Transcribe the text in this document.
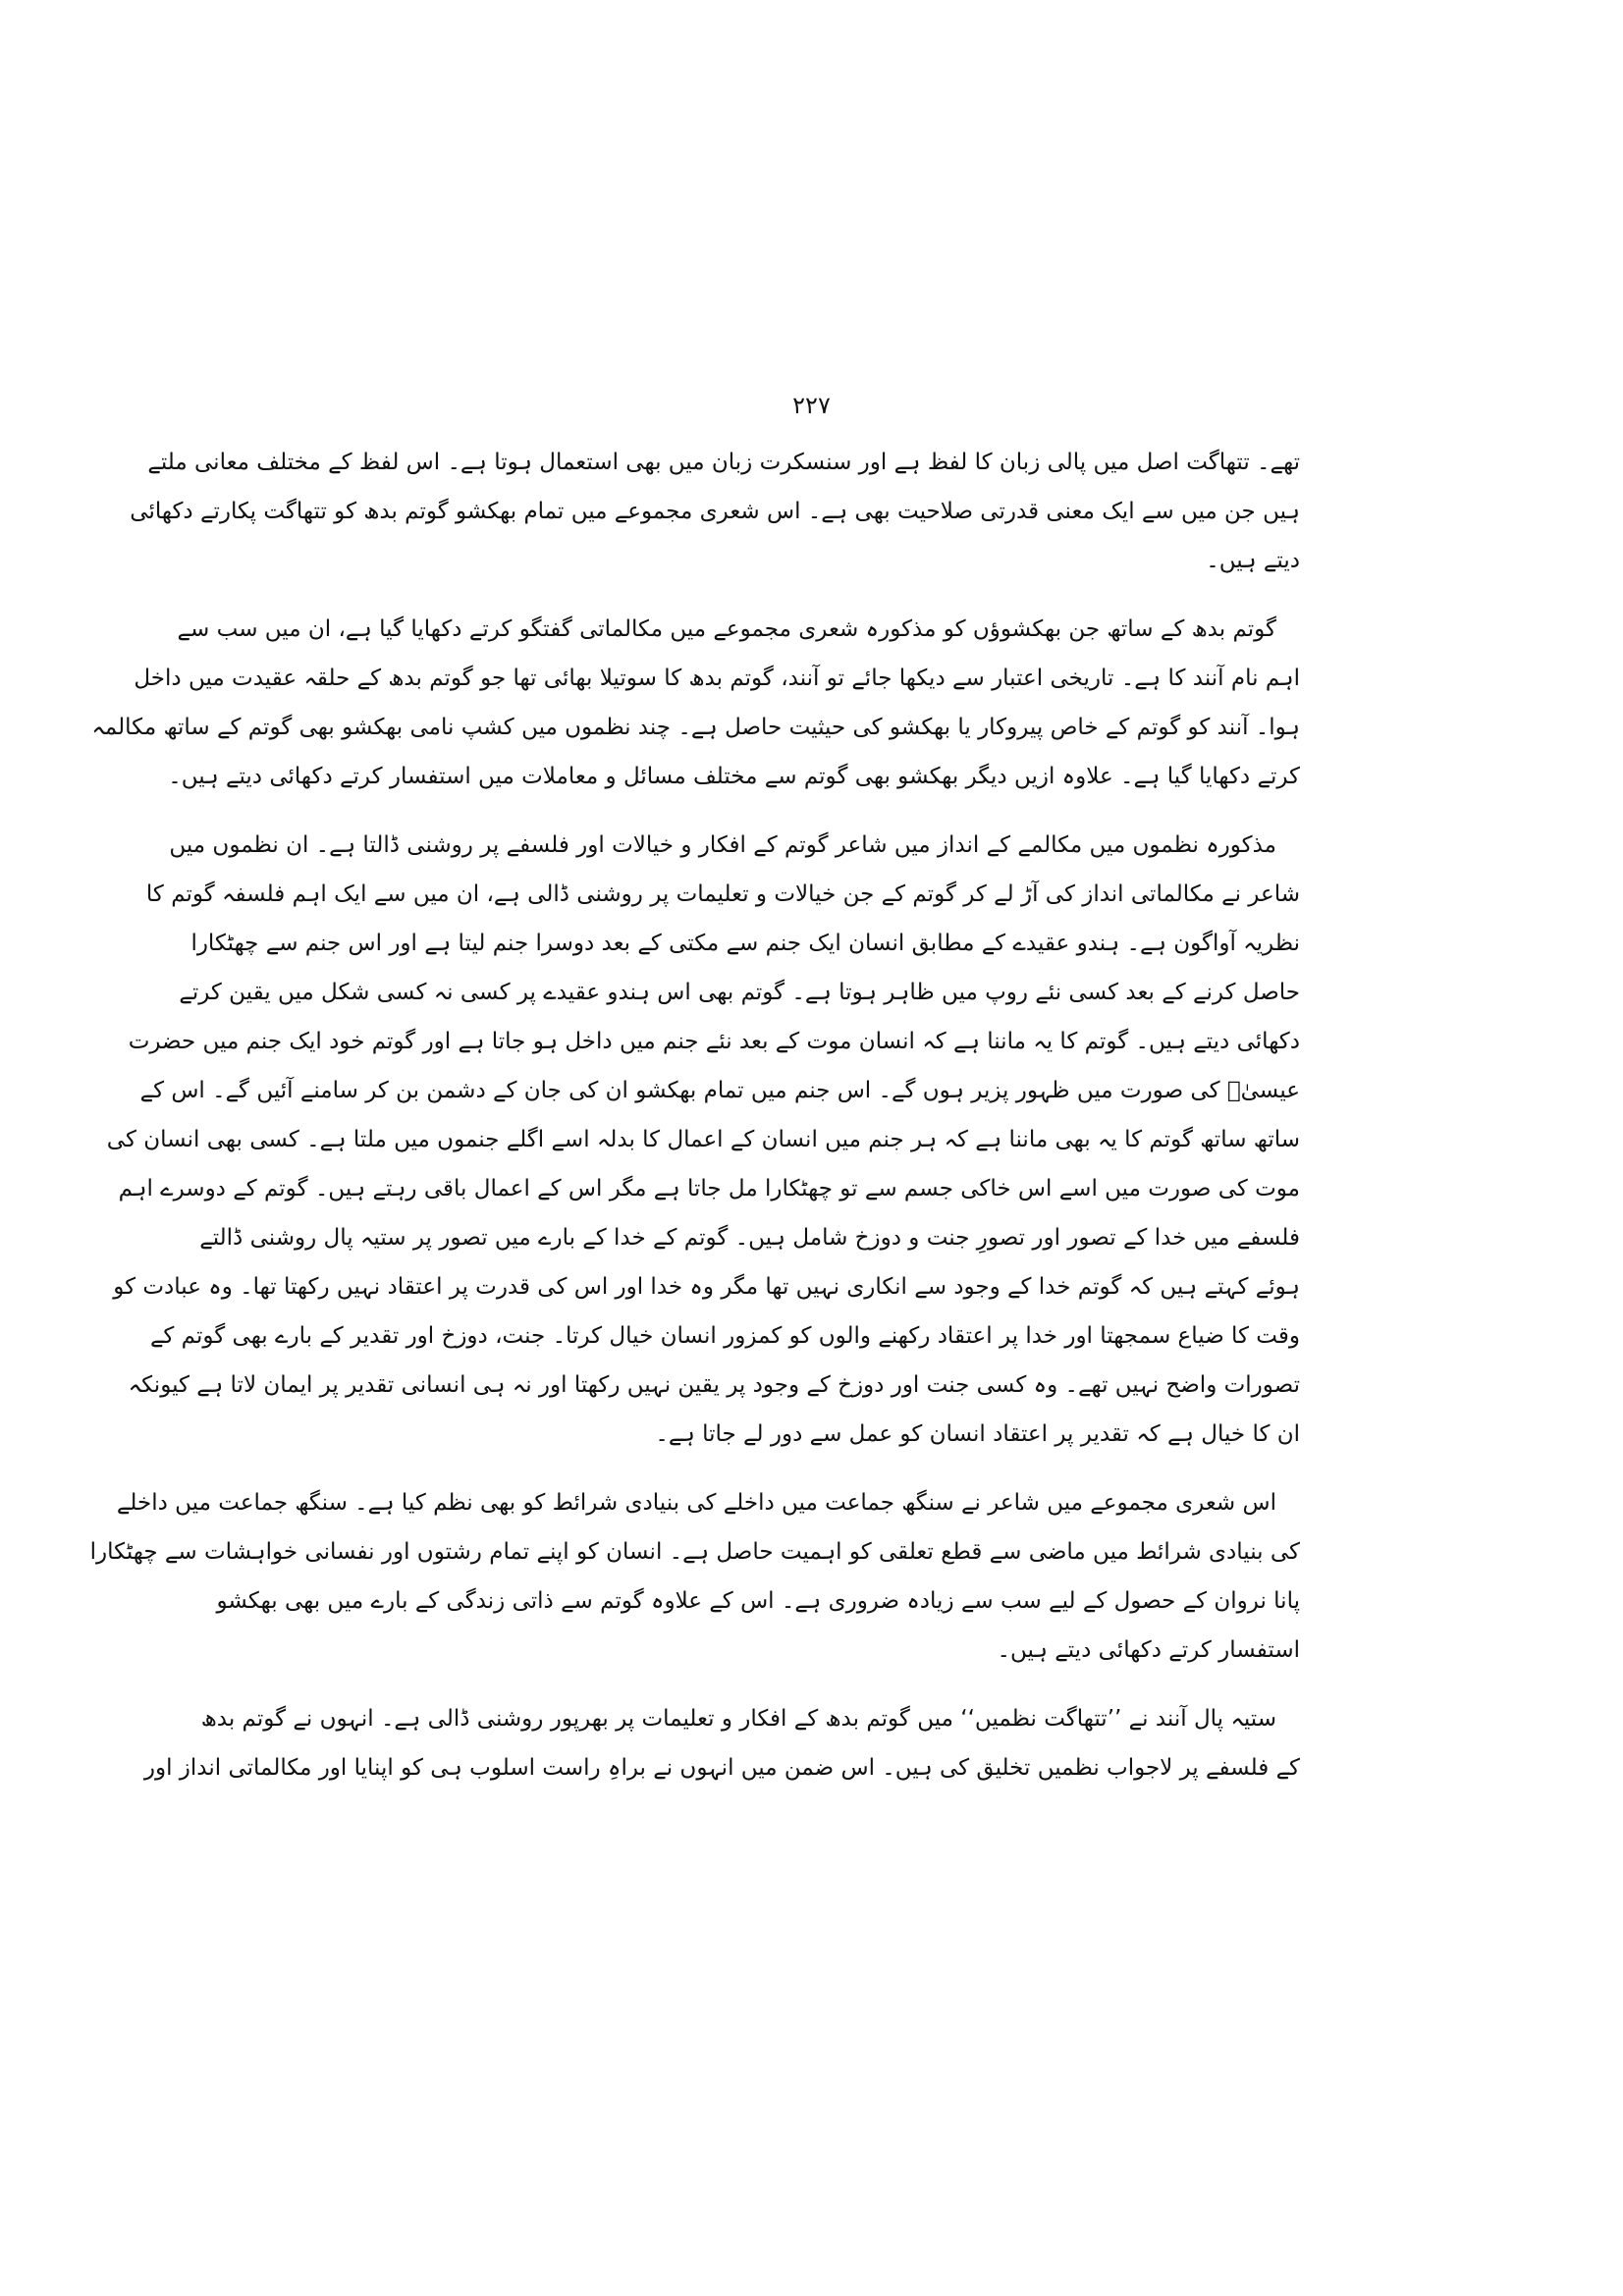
۲۲۷

تھے۔ تتھاگت اصل میں پالی زبان کا لفظ ہے اور سنسکرت زبان میں بھی استعمال ہوتا ہے۔ اس لفظ کے مختلف معانی ملتے
ہیں جن میں سے ایک معنی قدرتی صلاحیت بھی ہے۔ اس شعری مجموعے میں تمام بھکشو گوتم بدھ کو تتھاگت پکارتے دکھائی
دیتے ہیں۔

گوتم بدھ کے ساتھ جن بھکشوؤں کو مذکورہ شعری مجموعے میں مکالماتی گفتگو کرتے دکھایا گیا ہے، ان میں سب سے
اہم نام آنند کا ہے۔ تاریخی اعتبار سے دیکھا جائے تو آنند، گوتم بدھ کا سوتیلا بھائی تھا جو گوتم بدھ کے حلقہ عقیدت میں داخل
ہوا۔ آنند کو گوتم کے خاص پیروکار یا بھکشو کی حیثیت حاصل ہے۔ چند نظموں میں کشپ نامی بھکشو بھی گوتم کے ساتھ مکالمہ
کرتے دکھایا گیا ہے۔ علاوہ ازیں دیگر بھکشو بھی گوتم سے مختلف مسائل و معاملات میں استفسار کرتے دکھائی دیتے ہیں۔

مذکورہ نظموں میں مکالمے کے انداز میں شاعر گوتم کے افکار و خیالات اور فلسفے پر روشنی ڈالتا ہے۔ ان نظموں میں
شاعر نے مکالماتی انداز کی آڑ لے کر گوتم کے جن خیالات و تعلیمات پر روشنی ڈالی ہے، ان میں سے ایک اہم فلسفہ گوتم کا
نظریہ آواگون ہے۔ ہندو عقیدے کے مطابق انسان ایک جنم سے مکتی کے بعد دوسرا جنم لیتا ہے اور اس جنم سے چھٹکارا
حاصل کرنے کے بعد کسی نئے روپ میں ظاہر ہوتا ہے۔ گوتم بھی اس ہندو عقیدے پر کسی نہ کسی شکل میں یقین کرتے
دکھائی دیتے ہیں۔ گوتم کا یہ ماننا ہے کہ انسان موت کے بعد نئے جنم میں داخل ہو جاتا ہے اور گوتم خود ایک جنم میں حضرت
عیسیٰؑ کی صورت میں ظہور پزیر ہوں گے۔ اس جنم میں تمام بھکشو ان کی جان کے دشمن بن کر سامنے آئیں گے۔ اس کے
ساتھ ساتھ گوتم کا یہ بھی ماننا ہے کہ ہر جنم میں انسان کے اعمال کا بدلہ اسے اگلے جنموں میں ملتا ہے۔ کسی بھی انسان کی
موت کی صورت میں اسے اس خاکی جسم سے تو چھٹکارا مل جاتا ہے مگر اس کے اعمال باقی رہتے ہیں۔ گوتم کے دوسرے اہم
فلسفے میں خدا کے تصور اور تصورِ جنت و دوزخ شامل ہیں۔ گوتم کے خدا کے بارے میں تصور پر ستیہ پال روشنی ڈالتے
ہوئے کہتے ہیں کہ گوتم خدا کے وجود سے انکاری نہیں تھا مگر وہ خدا اور اس کی قدرت پر اعتقاد نہیں رکھتا تھا۔ وہ عبادت کو
وقت کا ضیاع سمجھتا اور خدا پر اعتقاد رکھنے والوں کو کمزور انسان خیال کرتا۔ جنت، دوزخ اور تقدیر کے بارے بھی گوتم کے
تصورات واضح نہیں تھے۔ وہ کسی جنت اور دوزخ کے وجود پر یقین نہیں رکھتا اور نہ ہی انسانی تقدیر پر ایمان لاتا ہے کیونکہ
ان کا خیال ہے کہ تقدیر پر اعتقاد انسان کو عمل سے دور لے جاتا ہے۔

اس شعری مجموعے میں شاعر نے سنگھ جماعت میں داخلے کی بنیادی شرائط کو بھی نظم کیا ہے۔ سنگھ جماعت میں داخلے
کی بنیادی شرائط میں ماضی سے قطع تعلقی کو اہمیت حاصل ہے۔ انسان کو اپنے تمام رشتوں اور نفسانی خواہشات سے چھٹکارا
پانا نروان کے حصول کے لیے سب سے زیادہ ضروری ہے۔ اس کے علاوہ گوتم سے ذاتی زندگی کے بارے میں بھی بھکشو
استفسار کرتے دکھائی دیتے ہیں۔

ستیہ پال آنند نے ’’تتھاگت نظمیں‘‘ میں گوتم بدھ کے افکار و تعلیمات پر بھرپور روشنی ڈالی ہے۔ انہوں نے گوتم بدھ
کے فلسفے پر لاجواب نظمیں تخلیق کی ہیں۔ اس ضمن میں انہوں نے براہِ راست اسلوب ہی کو اپنایا اور مکالماتی انداز اور
